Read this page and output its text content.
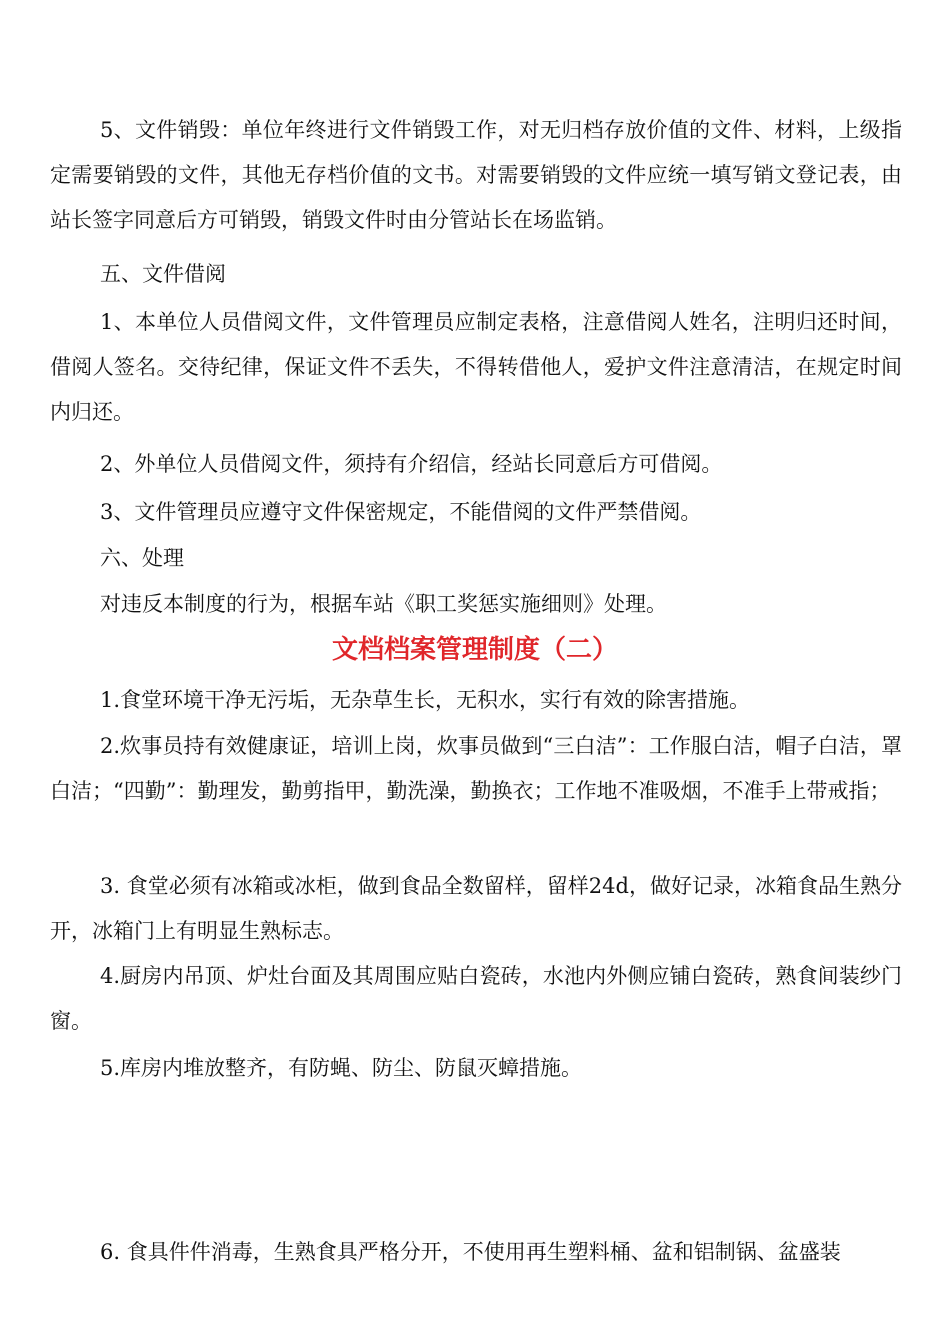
5、文件销毁：单位年终进行文件销毁工作，对无归档存放价值的文件、材料，上级指定需要销毁的文件，其他无存档价值的文书。对需要销毁的文件应统一填写销文登记表，由站长签字同意后方可销毁，销毁文件时由分管站长在场监销。

五、文件借阅

1、本单位人员借阅文件，文件管理员应制定表格，注意借阅人姓名，注明归还时间，借阅人签名。交待纪律，保证文件不丢失，不得转借他人，爱护文件注意清洁，在规定时间内归还。

2、外单位人员借阅文件，须持有介绍信，经站长同意后方可借阅。

3、文件管理员应遵守文件保密规定，不能借阅的文件严禁借阅。

六、处理

对违反本制度的行为，根据车站《职工奖惩实施细则》处理。

文档档案管理制度（二）

1.食堂环境干净无污垢，无杂草生长，无积水，实行有效的除害措施。

2.炊事员持有效健康证，培训上岗，炊事员做到“三白洁”：工作服白洁，帽子白洁，罩白洁；“四勤”：勤理发，勤剪指甲，勤洗澡，勤换衣；工作地不准吸烟，不准手上带戒指；

3. 食堂必须有冰箱或冰柜，做到食品全数留样，留样24d，做好记录，冰箱食品生熟分开，冰箱门上有明显生熟标志。

4.厨房内吊顶、炉灶台面及其周围应贴白瓷砖，水池内外侧应铺白瓷砖，熟食间装纱门窗。

5.库房内堆放整齐，有防蝇、防尘、防鼠灭蟑措施。

6. 食具件件消毒，生熟食具严格分开，不使用再生塑料桶、盆和铝制锅、盆盛装
